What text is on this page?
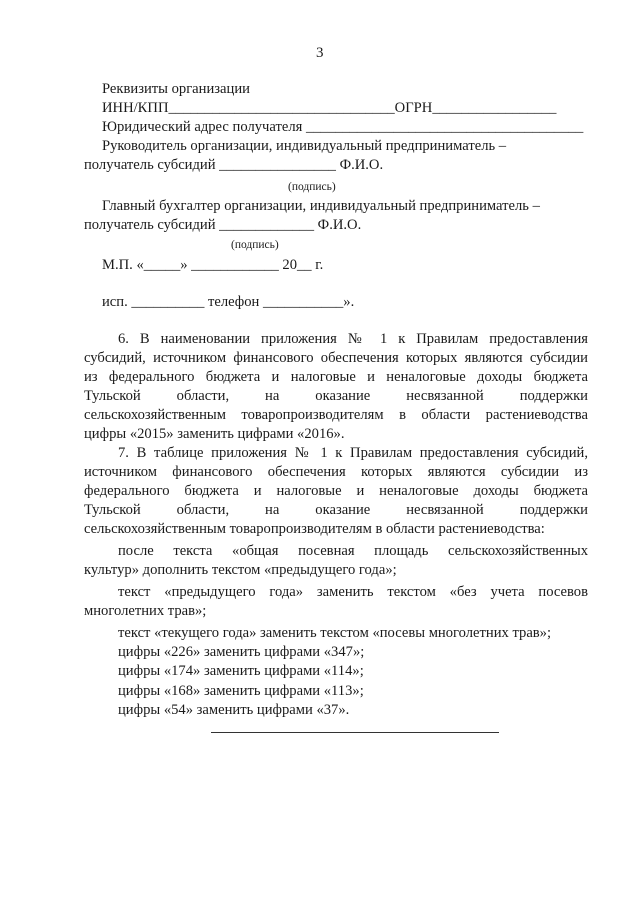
3
Реквизиты организации
ИНН/КПП_______________________________ОГРН_________________
Юридический адрес получателя ______________________________________
Руководитель организации, индивидуальный предприниматель –
получатель субсидий ________________ Ф.И.О.
(подпись)
Главный бухгалтер организации, индивидуальный предприниматель –
получатель субсидий _____________ Ф.И.О.
(подпись)
М.П. «_____» ____________ 20__ г.
исп. __________ телефон ___________».
6. В наименовании приложения № 1 к Правилам предоставления
субсидий, источником финансового обеспечения которых являются субсидии
из федерального бюджета и налоговые и неналоговые доходы бюджета
Тульской области, на оказание несвязанной поддержки
сельскохозяйственным товаропроизводителям в области растениеводства
цифры «2015» заменить цифрами «2016».
7. В таблице приложения № 1 к Правилам предоставления субсидий,
источником финансового обеспечения которых являются субсидии из
федерального бюджета и налоговые и неналоговые доходы бюджета
Тульской области, на оказание несвязанной поддержки
сельскохозяйственным товаропроизводителям в области растениеводства:
после текста «общая посевная площадь сельскохозяйственных
культур» дополнить текстом «предыдущего года»;
текст «предыдущего года» заменить текстом «без учета посевов
многолетних трав»;
текст «текущего года» заменить текстом «посевы многолетних трав»;
цифры «226» заменить цифрами «347»;
цифры «174» заменить цифрами «114»;
цифры «168» заменить цифрами «113»;
цифры «54» заменить цифрами «37».
